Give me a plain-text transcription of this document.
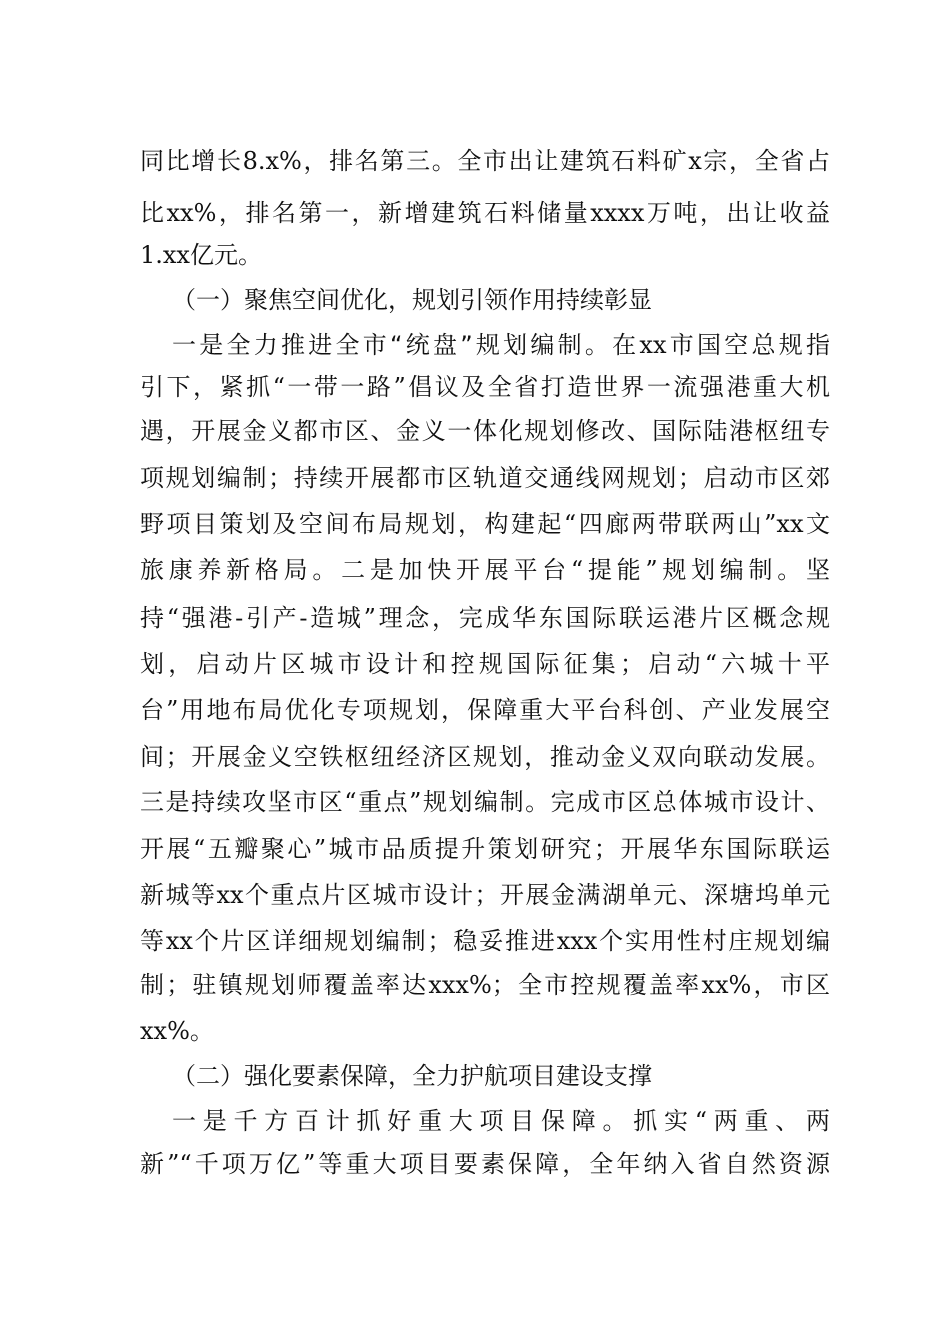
同比增长8.x%，排名第三。全市出让建筑石料矿x宗，全省占
比xx%，排名第一，新增建筑石料储量xxxx万吨，出让收益
1.xx亿元。
（一）聚焦空间优化，规划引领作用持续彰显
一是全力推进全市“统盘”规划编制。在xx市国空总规指
引下，紧抓“一带一路”倡议及全省打造世界一流强港重大机
遇，开展金义都市区、金义一体化规划修改、国际陆港枢纽专
项规划编制；持续开展都市区轨道交通线网规划；启动市区郊
野项目策划及空间布局规划，构建起“四廊两带联两山”xx文
旅康养新格局。二是加快开展平台“提能”规划编制。坚
持“强港-引产-造城”理念，完成华东国际联运港片区概念规
划，启动片区城市设计和控规国际征集；启动“六城十平
台”用地布局优化专项规划，保障重大平台科创、产业发展空
间；开展金义空铁枢纽经济区规划，推动金义双向联动发展。
三是持续攻坚市区“重点”规划编制。完成市区总体城市设计、
开展“五瓣聚心”城市品质提升策划研究；开展华东国际联运
新城等xx个重点片区城市设计；开展金满湖单元、深塘坞单元
等xx个片区详细规划编制；稳妥推进xxx个实用性村庄规划编
制；驻镇规划师覆盖率达xxx%；全市控规覆盖率xx%，市区
xx%。
（二）强化要素保障，全力护航项目建设支撑
一是千方百计抓好重大项目保障。抓实“两重、两
新”“千项万亿”等重大项目要素保障，全年纳入省自然资源
